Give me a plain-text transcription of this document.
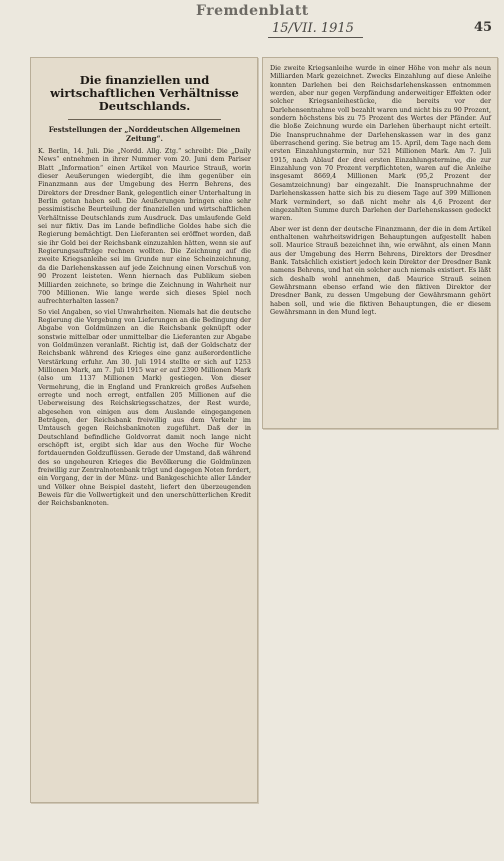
Fremdenblatt
15/VII. 1915	45
Die finanziellen und wirtschaftlichen Verhältnisse Deutschlands.
Feststellungen der „Norddeutschen Allgemeinen Zeitung“.

K. Berlin, 14. Juli. Die „Nordd. Allg. Ztg.“ schreibt: Die „Daily News“ entnehmen in ihrer Nummer vom 20. Juni dem Pariser Blatt „Information“ einen Artikel von Maurice Strauß, worin dieser Aeußerungen wiedergibt, die ihm gegenüber ein Finanzmann aus der Umgebung des Herrn Behrens, des Direktors der Dresdner Bank, gelegentlich einer Unterhaltung in Berlin getan haben soll. Die Aeußerungen bringen eine sehr pessimistische Beurteilung der finanziellen und wirtschaftlichen Verhältnisse Deutschlands zum Ausdruck. Das umlaufende Geld sei nur fiktiv. Das im Lande befindliche Goldes habe sich die Regierung bemächtigt. Den Lieferanten sei eröffnet worden, daß sie ihr Gold bei der Reichsbank einzuzahlen hätten, wenn sie auf Regierungsaufträge rechnen wollten. Die Zeichnung auf die zweite Kriegsanleihe sei im Grunde nur eine Scheinzeichnung, da die Darlehenskassen auf jede Zeichnung einen Vorschuß von 90 Prozent leisteten. Wenn hiernach das Publikum sieben Milliarden zeichnete, so bringe die Zeichnung in Wahrheit nur 700 Millionen. Wie lange werde sich dieses Spiel noch aufrechterhalten lassen?

So viel Angaben, so viel Unwahrheiten. Niemals hat die deutsche Regierung die Vergebung von Lieferungen an die Bedingung der Abgabe von Goldmünzen an die Reichsbank geknüpft oder sonstwie mittelbar oder unmittelbar die Lieferanten zur Abgabe von Goldmünzen veranlaßt. Richtig ist, daß der Goldschatz der Reichsbank während des Krieges eine ganz außerordentliche Verstärkung erfuhr. Am 30. Juli 1914 stellte er sich auf 1253 Millionen Mark, am 7. Juli 1915 war er auf 2390 Millionen Mark (also um 1137 Millionen Mark) gestiegen. Von dieser Vermehrung, die in England und Frankreich großes Aufsehen erregte und noch erregt, entfallen 205 Millionen auf die Ueberweisung des Reichskriegsschatzes, der Rest wurde, abgesehen von einigen aus dem Auslande eingegangenen Beträgen, der Reichsbank freiwillig aus dem Verkehr im Umtausch gegen Reichsbanknoten zugeführt. Daß der in Deutschland befindliche Goldvorrat damit noch lange nicht erschöpft ist, ergibt sich klar aus den Woche für Woche fortdauernden Goldzuflüssen. Gerade der Umstand, daß während des so ungeheuren Krieges die Bevölkerung die Goldmünzen freiwillig zur Zentralnotenbank trägt und dagegen Noten fordert, ein Vorgang, der in der Münz- und Bankgeschichte aller Länder und Völker ohne Beispiel dasteht, liefert den überzeugenden Beweis für die Vollwertigkeit und den unerschütterlichen Kredit der Reichsbanknoten.

Die zweite Kriegsanleihe wurde in einer Höhe von mehr als neun Milliarden Mark gezeichnet. Zwecks Einzahlung auf diese Anleihe konnten Darlehen bei den Reichsdarlehenskassen entnommen werden, aber nur gegen Verpfändung anderweitiger Effekten oder solcher Kriegsanleihestücke, die bereits vor der Darlehensentnahme voll bezahlt waren und nicht bis zu 90 Prozent, sondern höchstens bis zu 75 Prozent des Wertes der Pfänder. Auf die bloße Zeichnung wurde ein Darlehen überhaupt nicht erteilt. Die Inanspruchnahme der Darlehenskassen war in des ganz überraschend gering. Sie betrug am 15. April, dem Tage nach dem ersten Einzahlungstermin, nur 521 Millionen Mark. Am 7. Juli 1915, nach Ablauf der drei ersten Einzahlungstermine, die zur Einzahlung von 70 Prozent verpflichteten, waren auf die Anleihe insgesamt 8669,4 Millionen Mark (95,2 Prozent der Gesamtzeichnung) bar eingezahlt. Die Inanspruchnahme der Darlehenskassen hatte sich bis zu diesem Tage auf 399 Millionen Mark vermindert, so daß nicht mehr als 4,6 Prozent der eingezahlten Summe durch Darlehen der Darlehenskassen gedeckt waren.

Aber wer ist denn der deutsche Finanzmann, der die in dem Artikel enthaltenen wahrheitswidrigen Behauptungen aufgestellt haben soll. Maurice Strauß bezeichnet ihn, wie erwähnt, als einen Mann aus der Umgebung des Herrn Behrens, Direktors der Dresdner Bank. Tatsächlich existiert jedoch kein Direktor der Dresdner Bank namens Behrens, und hat ein solcher auch niemals existiert. Es läßt sich deshalb wohl annehmen, daß Maurice Strauß seinen Gewährsmann ebenso erfand wie den fiktiven Direktor der Dresdner Bank, zu dessen Umgebung der Gewährsmann gehört haben soll, und wie die fiktiven Behauptungen, die er diesem Gewährsmann in den Mund legt.
